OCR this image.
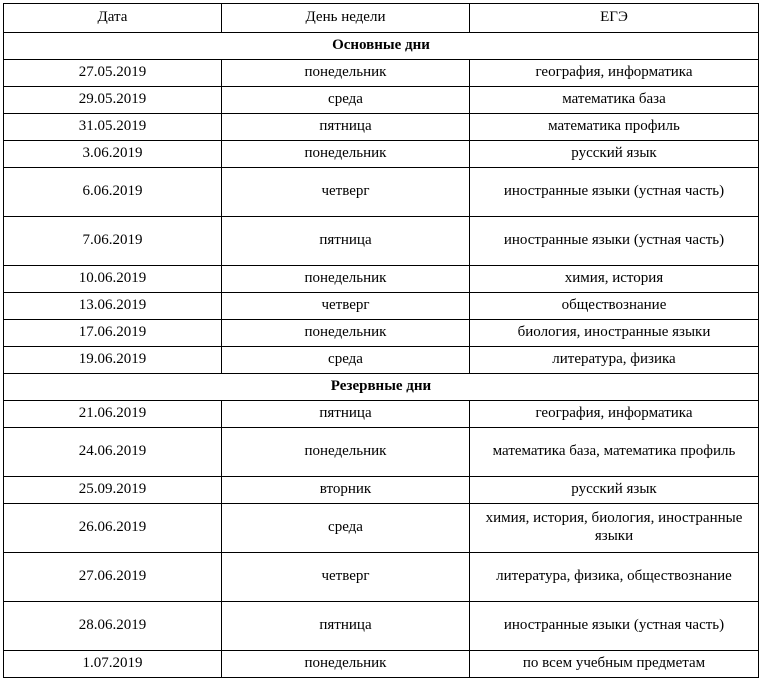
Дата	День недели	ЕГЭ
Основные дни		
27.05.2019	понедельник	география, информатика

29.05.2019	среда	математика база

31.05.2019	пятница	математика профиль

3.06.2019	понедельник	русский язык

6.06.2019	четверг	иностранные языки (устная часть)

7.06.2019	пятница	иностранные языки (устная часть)

10.06.2019	понедельник	химия, история

13.06.2019	четверг	обществознание

17.06.2019	понедельник	биология, иностранные языки

19.06.2019	среда	литература, физика

Резервные дни		
21.06.2019	пятница	география, информатика

24.06.2019	понедельник	математика база, математика профиль

25.09.2019	вторник	русский язык

26.06.2019	среда	химия, история, биология, иностранные языки

27.06.2019	четверг	литература, физика, обществознание

28.06.2019	пятница	иностранные языки (устная часть)

1.07.2019	понедельник	по всем учебным предметам
